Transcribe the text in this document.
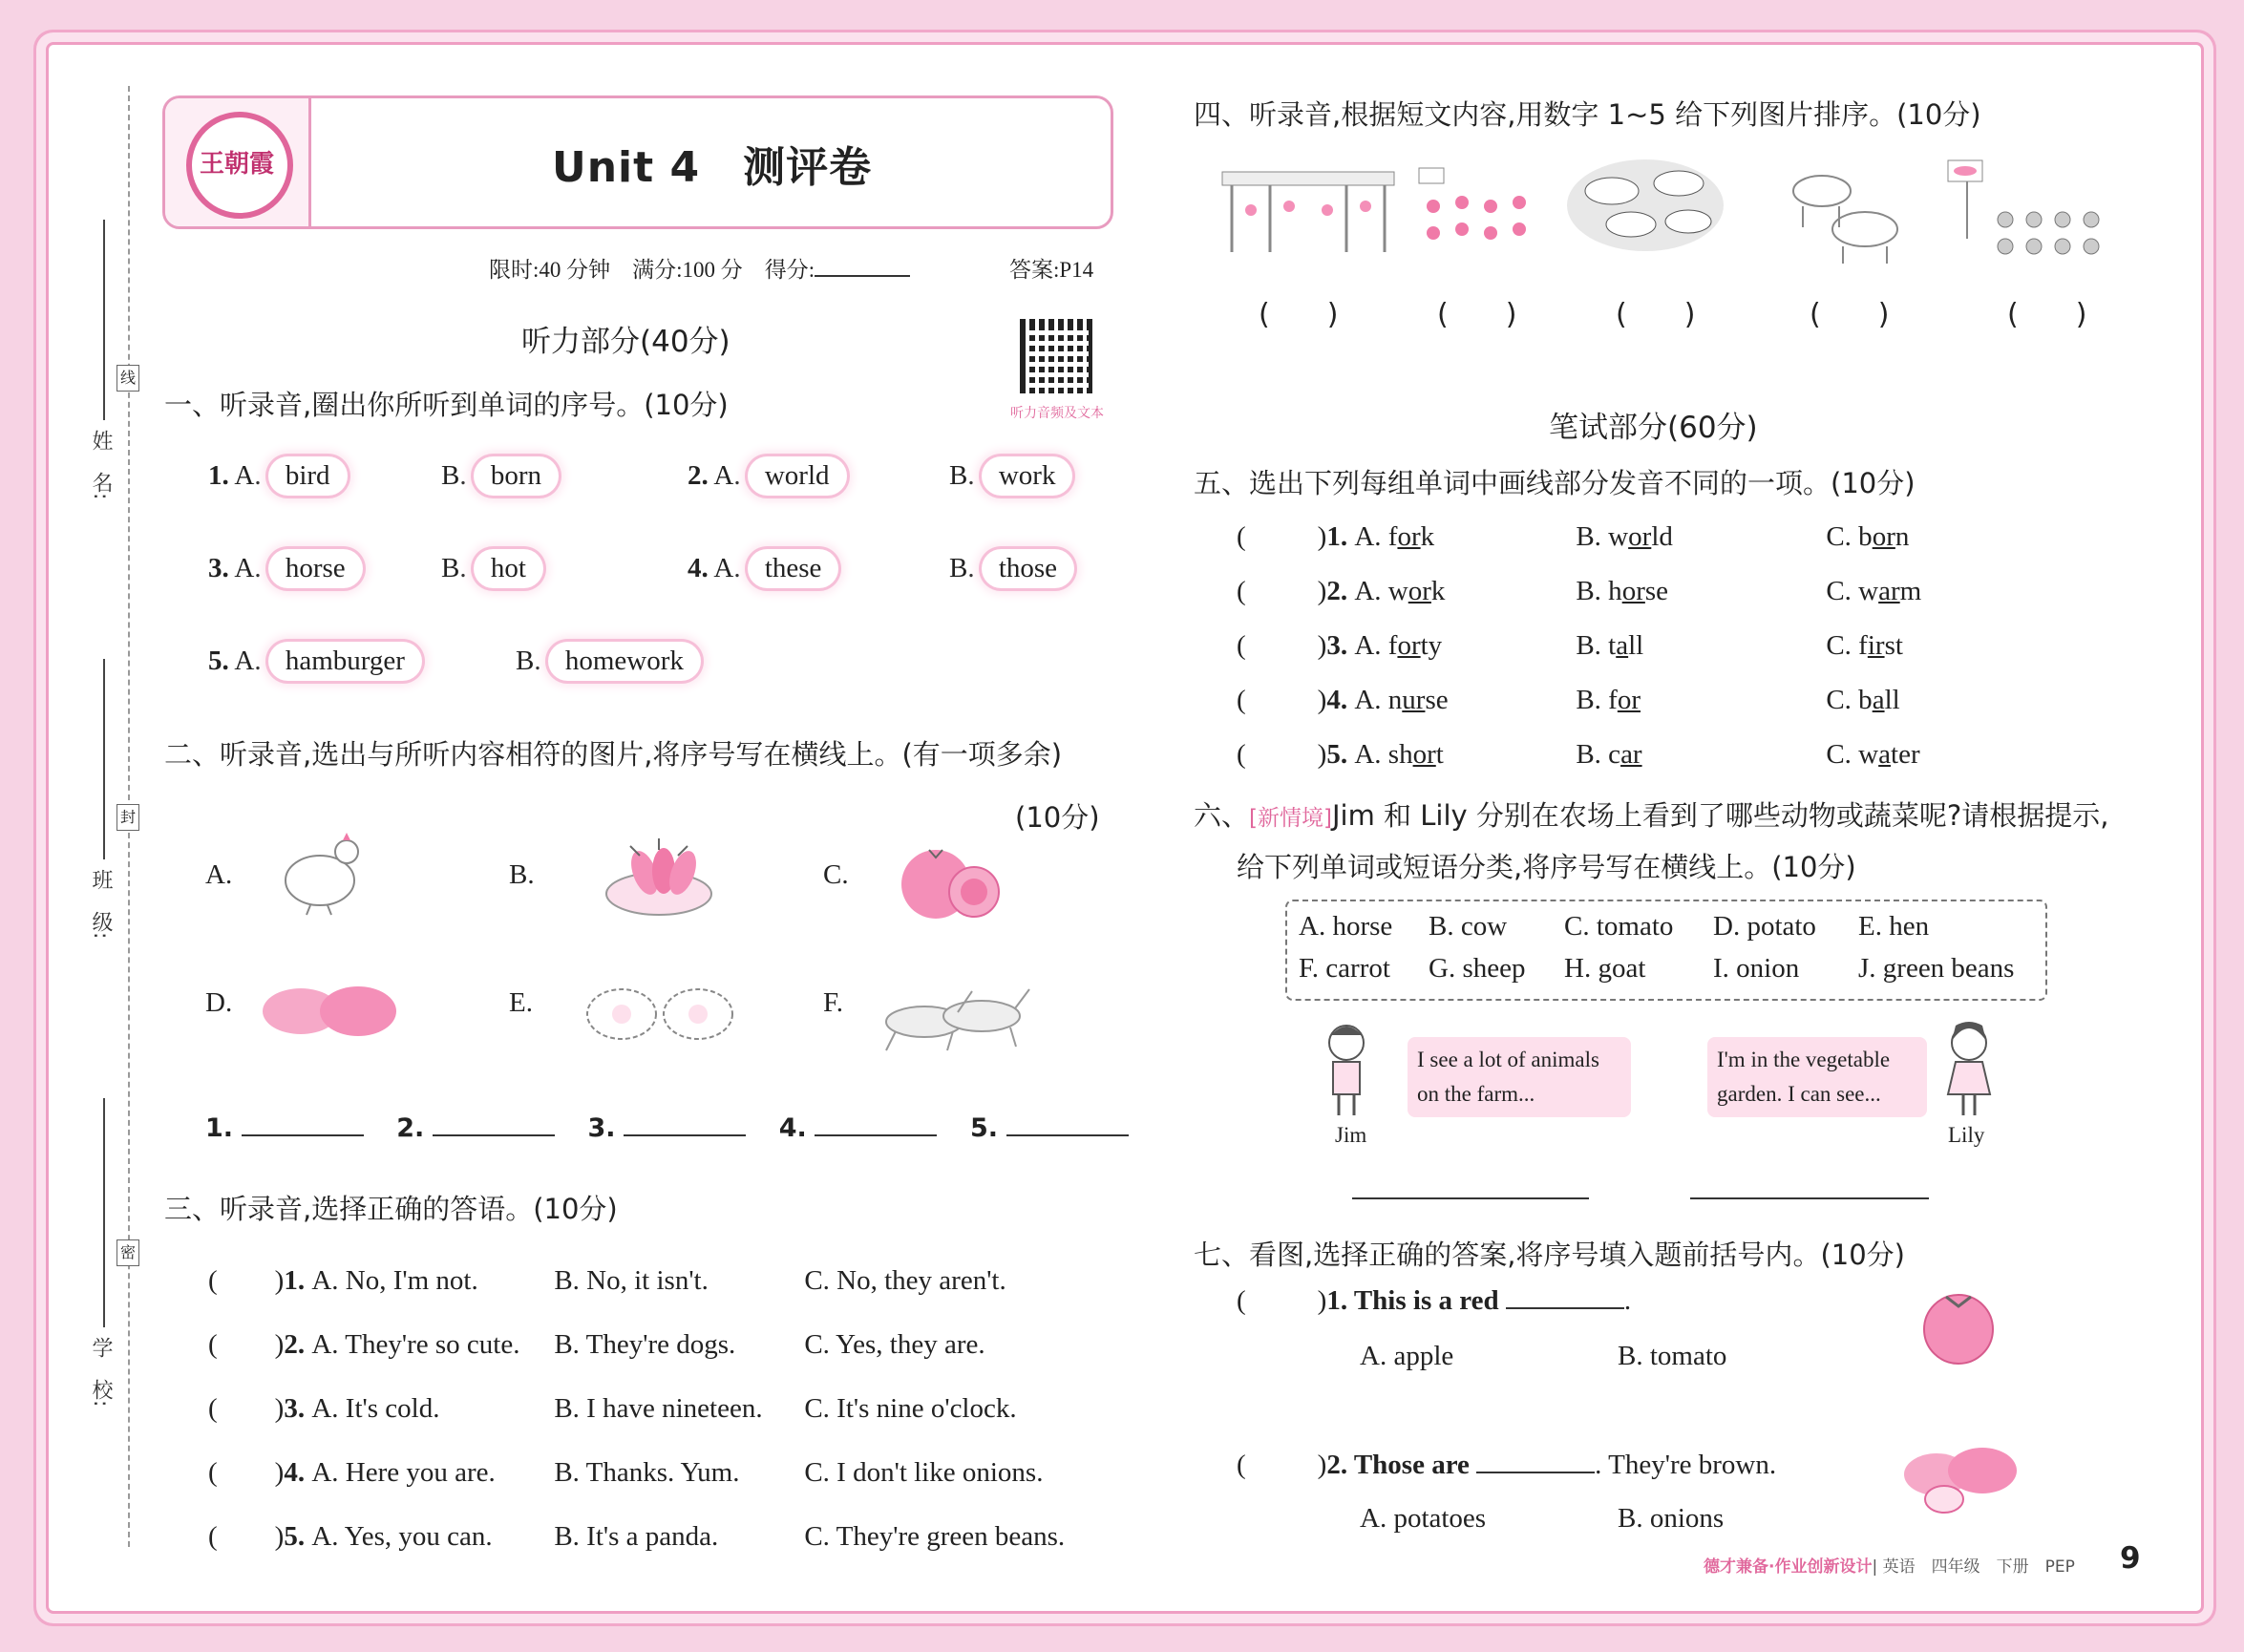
姓　名:
班　级:
学　校:
线
封
密
王朝霞	Unit 4　测评卷
限时:40 分钟　满分:100 分　得分:	答案:P14
听力部分(40分)
听力音频及文本
一、听录音,圈出你所听到单词的序号。(10分)
1. A. bird	B. born	2. A. world	B. work
3. A. horse	B. hot	4. A. these	B. those
5. A. hamburger	B. homework
二、听录音,选出与所听内容相符的图片,将序号写在横线上。(有一项多余)
(10分)
A.	B.	C.
D.	E.	F.
1.	2.	3.	4.	5.
三、听录音,选择正确的答语。(10分)
( )1. A. No, I'm not.	B. No, it isn't.	C. No, they aren't.
( )2. A. They're so cute. B. They're dogs. C. Yes, they are.
( )3. A. It's cold.	B. I have nineteen. C. It's nine o'clock.
( )4. A. Here you are. B. Thanks. Yum. C. I don't like onions.
( )5. A. Yes, you can. B. It's a panda.	C. They're green beans.
四、听录音,根据短文内容,用数字 1~5 给下列图片排序。(10分)
(　　)	(　　)	(　　)	(　　)	(　　)
笔试部分(60分)
五、选出下列每组单词中画线部分发音不同的一项。(10分)
(	)1. A. fork	B. world	C. born
(	)2. A. work	B. horse	C. warm
(	)3. A. forty	B. tall	C. first
(	)4. A. nurse	B. for	C. ball
(	)5. A. short	B. car	C. water
六、[新情境]Jim 和 Lily 分别在农场上看到了哪些动物或蔬菜呢?请根据提示,
给下列单词或短语分类,将序号写在横线上。(10分)
A. horse B. cow C. tomato D. potato E. hen
F. carrot G. sheep H. goat I. onion J. green beans
Jim
I see a lot of animals
on the farm...
I'm in the vegetable
garden. I can see...
Lily
七、看图,选择正确的答案,将序号填入题前括号内。(10分)
(	)1. This is a red	.
A. apple	B. tomato
(	)2. Those are	. They're brown.
A. potatoes	B. onions
德才兼备·作业创新设计| 英语　四年级　下册　PEP 9
